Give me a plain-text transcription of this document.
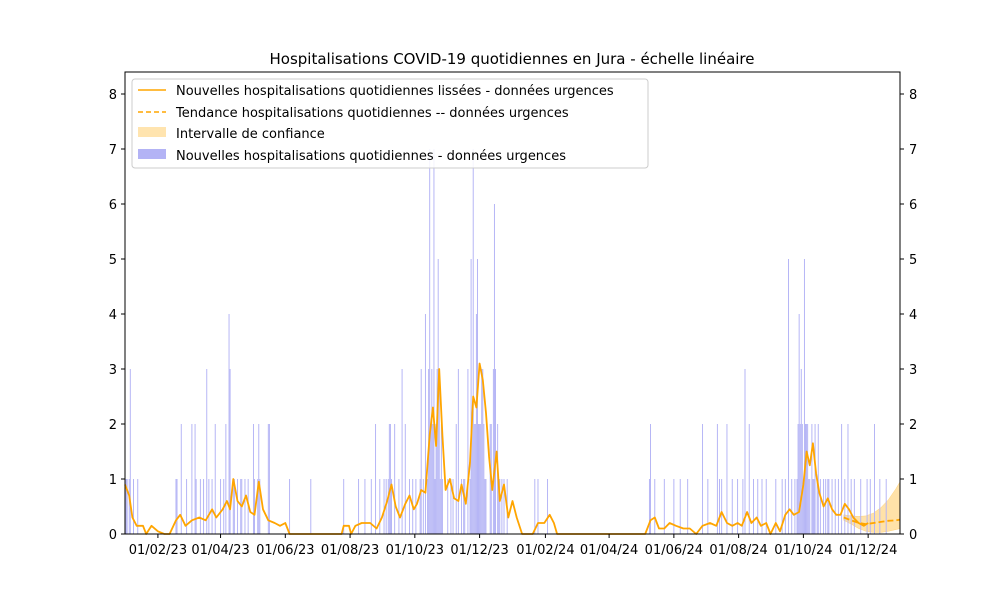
Hospitalisations COVID-19 quotidiennes en Jura - échelle linéaire
0
1
2
3
4
5
6
7
8
0
1
2
3
4
5
6
7
8
01/02/23 01/04/23 01/06/23 01/08/23 01/10/23 01/12/23 01/02/24 01/04/24 01/06/24 01/08/24 01/10/24 01/12/24
Nouvelles hospitalisations quotidiennes lissées - données urgences
Tendance hospitalisations quotidiennes -- données urgences
Intervalle de confiance
Nouvelles hospitalisations quotidiennes - données urgences
